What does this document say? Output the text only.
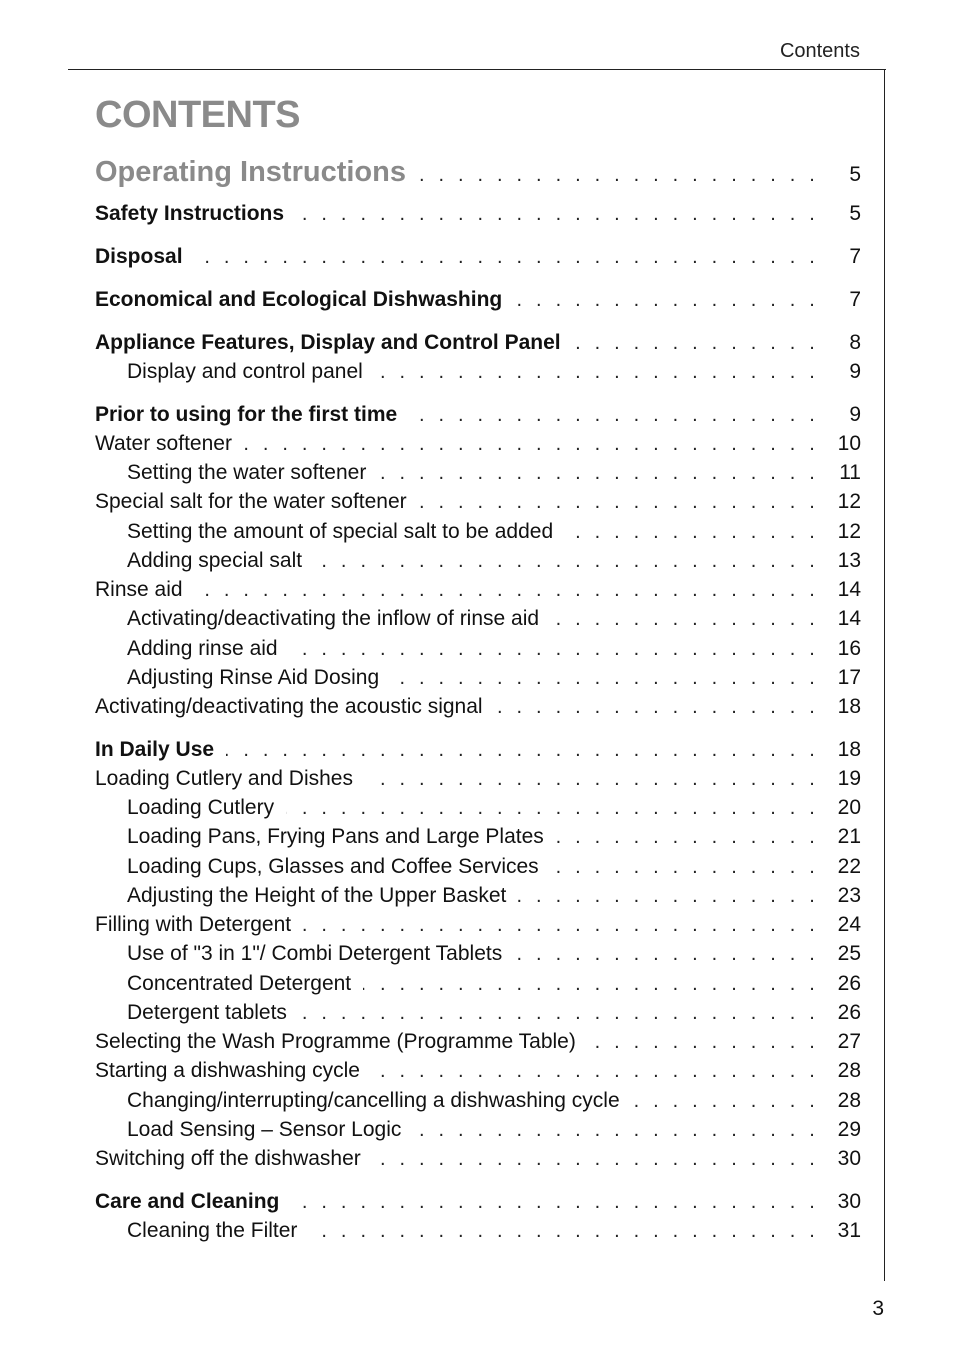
Contents
CONTENTS
Operating Instructions . . .	5
Safety Instructions . . .	5
Disposal . . .	7
Economical and Ecological Dishwashing . . .	7
Appliance Features, Display and Control Panel . . .	8
Display and control panel . . .	9
Prior to using for the first time . . .	9
Water softener . . .	10
Setting the water softener . . .	11
Special salt for the water softener . . .	12
Setting the amount of special salt to be added . . .	12
Adding special salt . . .	13
Rinse aid . . .	14
Activating/deactivating the inflow of rinse aid . . .	14
Adding rinse aid . . .	16
Adjusting Rinse Aid Dosing . . .	17
Activating/deactivating the acoustic signal . . .	18
In Daily Use . . .	18
Loading Cutlery and Dishes . . .	19
Loading Cutlery . . .	20
Loading Pans, Frying Pans and Large Plates . . .	21
Loading Cups, Glasses and Coffee Services . . .	22
Adjusting the Height of the Upper Basket . . .	23
Filling with Detergent . . .	24
Use of "3 in 1"/ Combi Detergent Tablets . . .	25
Concentrated Detergent . . .	26
Detergent tablets . . .	26
Selecting the Wash Programme (Programme Table) . . .	27
Starting a dishwashing cycle . . .	28
Changing/interrupting/cancelling a dishwashing cycle . . .	28
Load Sensing – Sensor Logic . . .	29
Switching off the dishwasher . . .	30
Care and Cleaning . . .	30
Cleaning the Filter . . .	31
3
